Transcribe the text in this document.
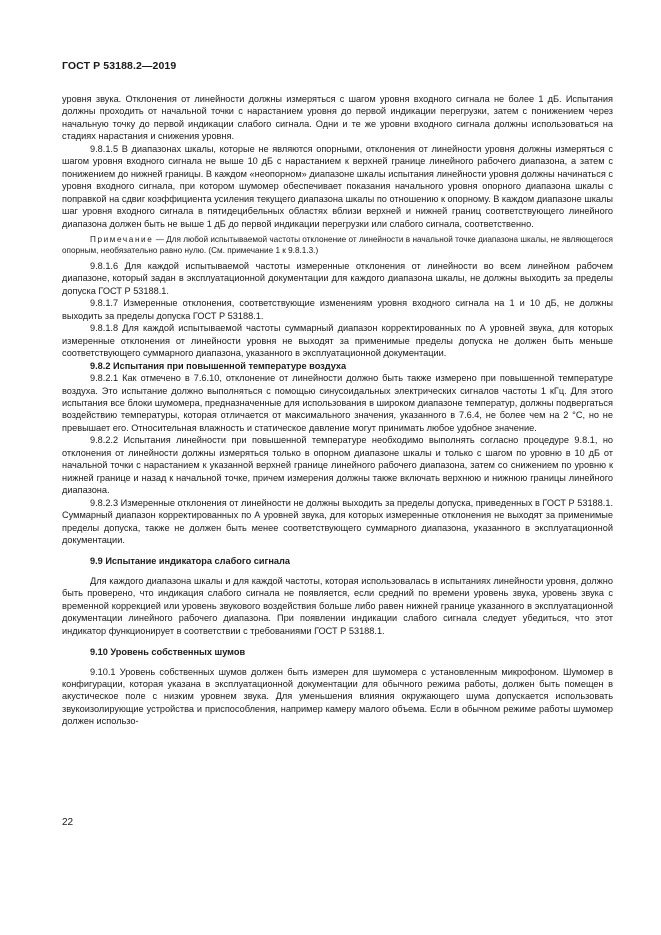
ГОСТ Р 53188.2—2019

уровня звука. Отклонения от линейности должны измеряться с шагом уровня входного сигнала не более 1 дБ. Испытания должны проходить от начальной точки с нарастанием уровня до первой индикации перегрузки, затем с понижением через начальную точку до первой индикации слабого сигнала. Одни и те же уровни входного сигнала должны использоваться на стадиях нарастания и снижения уровня.

9.8.1.5 В диапазонах шкалы, которые не являются опорными, отклонения от линейности уровня должны измеряться с шагом уровня входного сигнала не выше 10 дБ с нарастанием к верхней границе линейного рабочего диапазона, а затем с понижением до нижней границы. В каждом «неопорном» диапазоне шкалы испытания линейности уровня должны начинаться с уровня входного сигнала, при котором шумомер обеспечивает показания начального уровня опорного диапазона шкалы с поправкой на сдвиг коэффициента усиления текущего диапазона шкалы по отношению к опорному. В каждом диапазоне шкалы шаг уровня входного сигнала в пятидецибельных областях вблизи верхней и нижней границ соответствующего линейного диапазона должен быть не выше 1 дБ до первой индикации перегрузки или слабого сигнала, соответственно.

Примечание — Для любой испытываемой частоты отклонение от линейности в начальной точке диапазона шкалы, не являющегося опорным, необязательно равно нулю. (См. примечание 1 к 9.8.1.3.)

9.8.1.6 Для каждой испытываемой частоты измеренные отклонения от линейности во всем линейном рабочем диапазоне, который задан в эксплуатационной документации для каждого диапазона шкалы, не должны выходить за пределы допуска ГОСТ Р 53188.1.

9.8.1.7 Измеренные отклонения, соответствующие изменениям уровня входного сигнала на 1 и 10 дБ, не должны выходить за пределы допуска ГОСТ Р 53188.1.

9.8.1.8 Для каждой испытываемой частоты суммарный диапазон корректированных по А уровней звука, для которых измеренные отклонения от линейности уровня не выходят за применимые пределы допуска не должен быть меньше соответствующего суммарного диапазона, указанного в эксплуатационной документации.

9.8.2 Испытания при повышенной температуре воздуха

9.8.2.1 Как отмечено в 7.6.10, отклонение от линейности должно быть также измерено при повышенной температуре воздуха. Это испытание должно выполняться с помощью синусоидальных электрических сигналов частоты 1 кГц. Для этого испытания все блоки шумомера, предназначенные для использования в широком диапазоне температур, должны подвергаться воздействию температуры, которая отличается от максимального значения, указанного в 7.6.4, не более чем на 2 °С, но не превышает его. Относительная влажность и статическое давление могут принимать любое удобное значение.

9.8.2.2 Испытания линейности при повышенной температуре необходимо выполнять согласно процедуре 9.8.1, но отклонения от линейности должны измеряться только в опорном диапазоне шкалы и только с шагом по уровню в 10 дБ от начальной точки с нарастанием к указанной верхней границе линейного рабочего диапазона, затем со снижением по уровню к нижней границе и назад к начальной точке, причем измерения должны также включать верхнюю и нижнюю границы линейного диапазона.

9.8.2.3 Измеренные отклонения от линейности не должны выходить за пределы допуска, приведенных в ГОСТ Р 53188.1. Суммарный диапазон корректированных по А уровней звука, для которых измеренные отклонения не выходят за применимые пределы допуска, также не должен быть менее соответствующего суммарного диапазона, указанного в эксплуатационной документации.

9.9 Испытание индикатора слабого сигнала

Для каждого диапазона шкалы и для каждой частоты, которая использовалась в испытаниях линейности уровня, должно быть проверено, что индикация слабого сигнала не появляется, если средний по времени уровень звука, уровень звука с временной коррекцией или уровень звукового воздействия больше либо равен нижней границе указанного в эксплуатационной документации линейного рабочего диапазона. При появлении индикации слабого сигнала следует убедиться, что этот индикатор функционирует в соответствии с требованиями ГОСТ Р 53188.1.

9.10 Уровень собственных шумов

9.10.1 Уровень собственных шумов должен быть измерен для шумомера с установленным микрофоном. Шумомер в конфигурации, которая указана в эксплуатационной документации для обычного режима работы, должен быть помещен в акустическое поле с низким уровнем звука. Для уменьшения влияния окружающего шума допускается использовать звукоизолирующие устройства и приспособления, например камеру малого объема. Если в обычном режиме работы шумомер должен использо-

22
